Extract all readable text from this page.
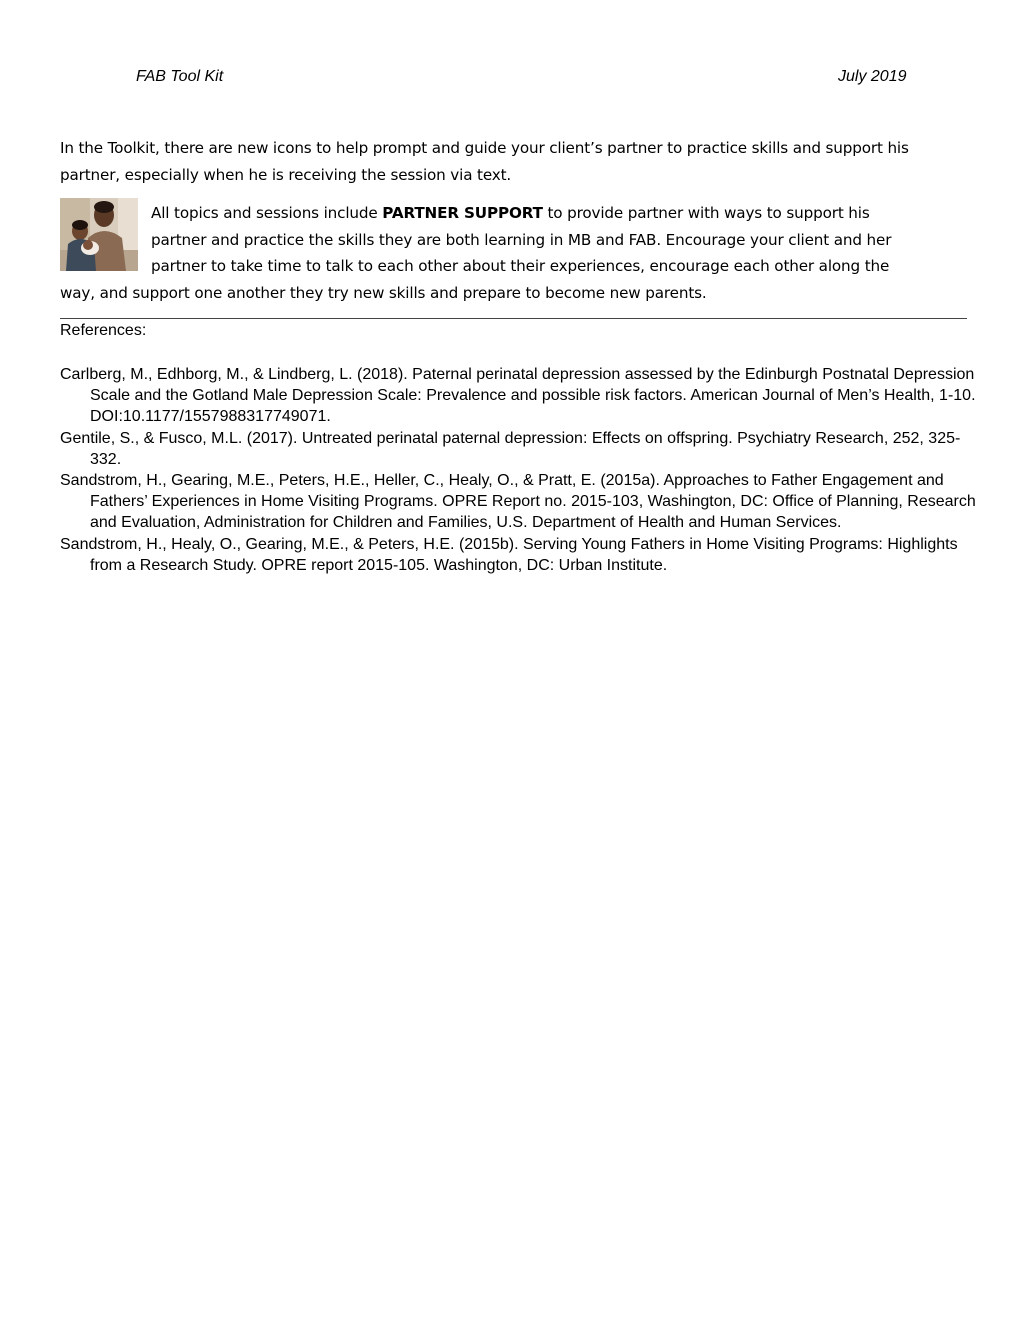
FAB Tool Kit	July 2019

In the Toolkit, there are new icons to help prompt and guide your client’s partner to practice skills and support his partner, especially when he is receiving the session via text.

All topics and sessions include PARTNER SUPPORT to provide partner with ways to support his
partner and practice the skills they are both learning in MB and FAB. Encourage your client and her
partner to take time to talk to each other about their experiences, encourage each other along the
way, and support one another they try new skills and prepare to become new parents.
References:
Carlberg, M., Edhborg, M., & Lindberg, L. (2018). Paternal perinatal depression assessed by the Edinburgh Postnatal Depression Scale and the Gotland Male Depression Scale: Prevalence and possible risk factors. American Journal of Men’s Health, 1-10. DOI:10.1177/1557988317749071.
Gentile, S., & Fusco, M.L. (2017). Untreated perinatal paternal depression: Effects on offspring. Psychiatry Research, 252, 325-332.
Sandstrom, H., Gearing, M.E., Peters, H.E., Heller, C., Healy, O., & Pratt, E. (2015a). Approaches to Father Engagement and Fathers’ Experiences in Home Visiting Programs. OPRE Report no. 2015-103, Washington, DC: Office of Planning, Research and Evaluation, Administration for Children and Families, U.S. Department of Health and Human Services.
Sandstrom, H., Healy, O., Gearing, M.E., & Peters, H.E. (2015b). Serving Young Fathers in Home Visiting Programs: Highlights from a Research Study. OPRE report 2015-105. Washington, DC: Urban Institute.
